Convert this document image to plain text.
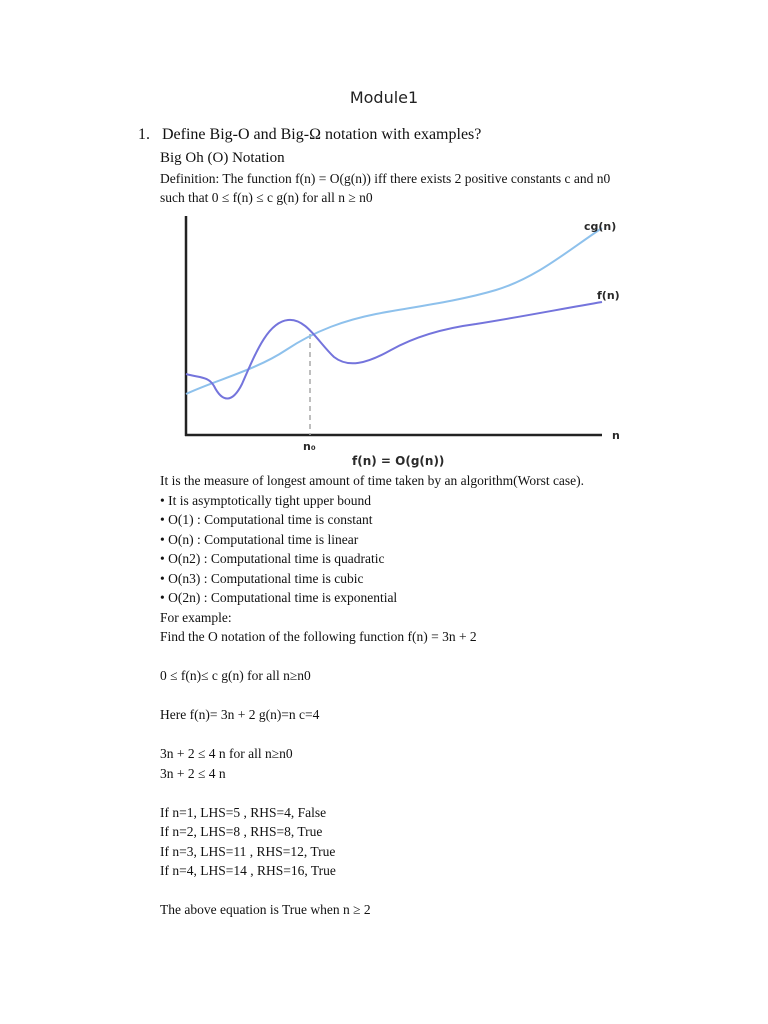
Module1
1. Define Big-O and Big-Ω notation with examples?
Big Oh (O) Notation
Definition: The function f(n) = O(g(n)) iff there exists 2 positive constants c and n0
such that 0 ≤ f(n) ≤ c g(n) for all n ≥ n0
cg(n)
f(n)
n
n₀
f(n) = O(g(n))
It is the measure of longest amount of time taken by an algorithm(Worst case).
• It is asymptotically tight upper bound
• O(1) : Computational time is constant
• O(n) : Computational time is linear
• O(n2) : Computational time is quadratic
• O(n3) : Computational time is cubic
• O(2n) : Computational time is exponential
For example:
Find the O notation of the following function f(n) = 3n + 2
0 ≤ f(n)≤ c g(n) for all n≥n0
Here f(n)= 3n + 2 g(n)=n c=4
3n + 2 ≤ 4 n for all n≥n0
3n + 2 ≤ 4 n
If n=1, LHS=5 , RHS=4, False
If n=2, LHS=8 , RHS=8, True
If n=3, LHS=11 , RHS=12, True
If n=4, LHS=14 , RHS=16, True
The above equation is True when n ≥ 2
